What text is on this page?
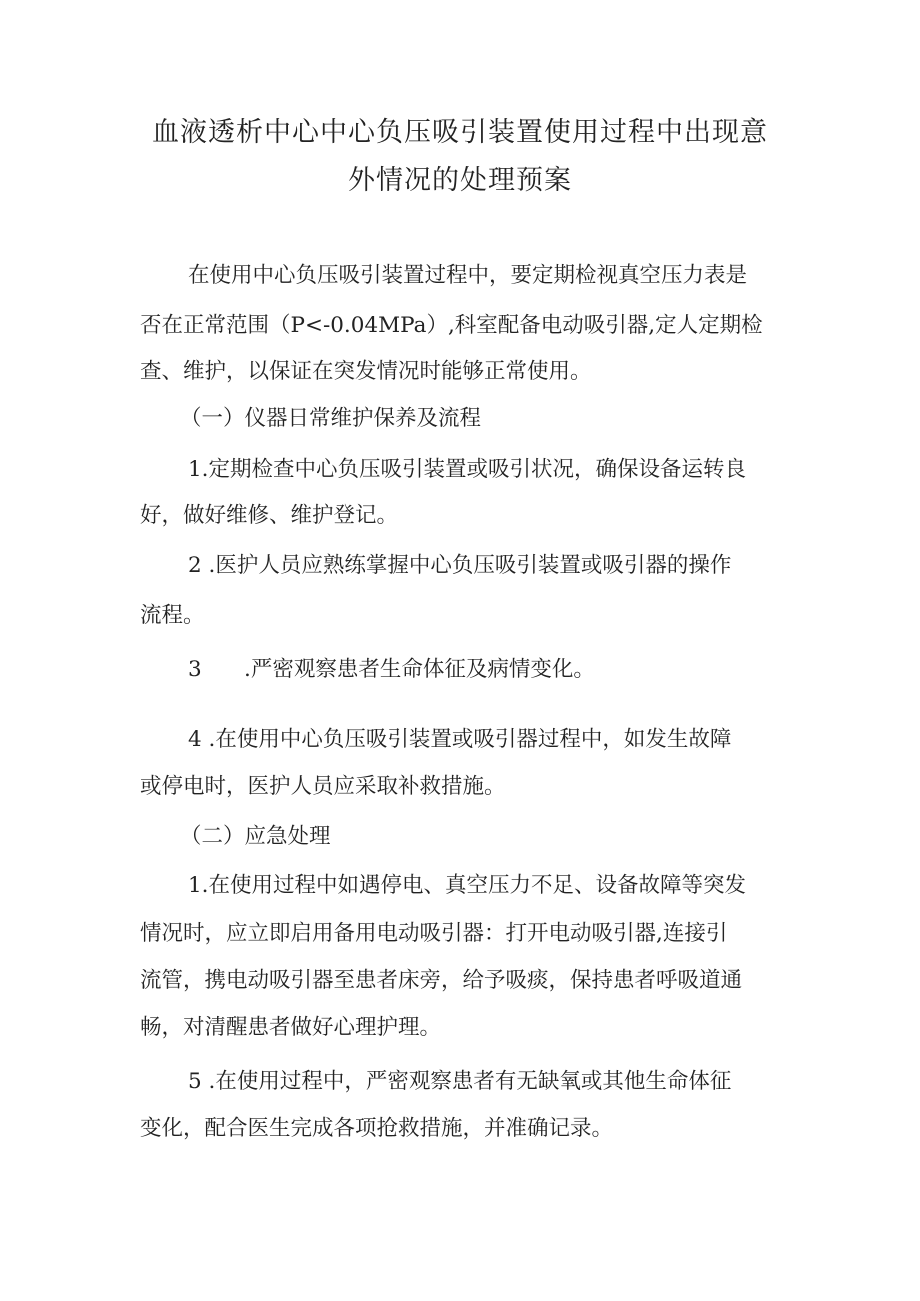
血液透析中心中心负压吸引装置使用过程中出现意
外情况的处理预案
在使用中心负压吸引装置过程中，要定期检视真空压力表是
否在正常范围（P<-0.04MPa）,科室配备电动吸引器,定人定期检
查、维护，以保证在突发情况时能够正常使用。
（一）仪器日常维护保养及流程
1.定期检查中心负压吸引装置或吸引状况，确保设备运转良
好，做好维修、维护登记。
2 .医护人员应熟练掌握中心负压吸引装置或吸引器的操作
流程。
3 .严密观察患者生命体征及病情变化。
4 .在使用中心负压吸引装置或吸引器过程中，如发生故障
或停电时，医护人员应采取补救措施。
（二）应急处理
1.在使用过程中如遇停电、真空压力不足、设备故障等突发
情况时，应立即启用备用电动吸引器：打开电动吸引器,连接引
流管，携电动吸引器至患者床旁，给予吸痰，保持患者呼吸道通
畅，对清醒患者做好心理护理。
5 .在使用过程中，严密观察患者有无缺氧或其他生命体征
变化，配合医生完成各项抢救措施，并准确记录。
